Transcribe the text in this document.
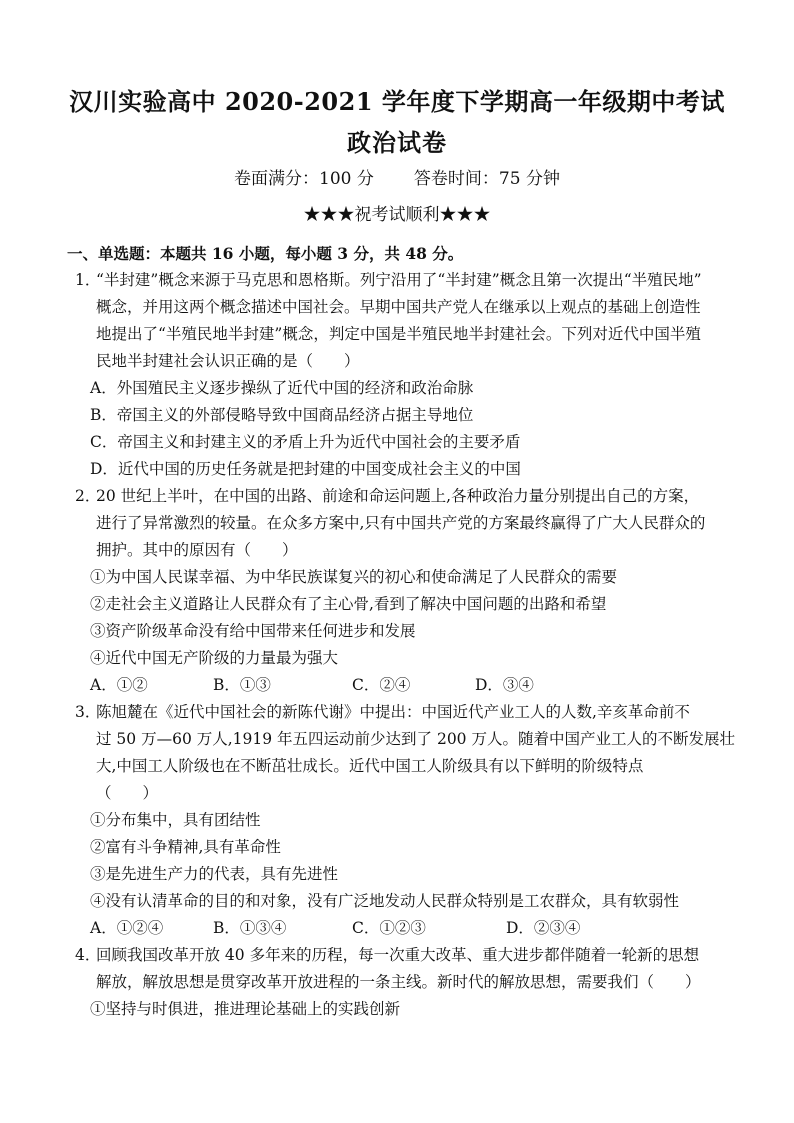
汉川实验高中 2020-2021 学年度下学期高一年级期中考试
政治试卷
卷面满分：100 分 答卷时间：75 分钟
★★★祝考试顺利★★★
一、单选题：本题共 16 小题，每小题 3 分，共 48 分。
1．“半封建”概念来源于马克思和恩格斯。列宁沿用了“半封建”概念且第一次提出“半殖民地”
概念，并用这两个概念描述中国社会。早期中国共产党人在继承以上观点的基础上创造性
地提出了“半殖民地半封建”概念，判定中国是半殖民地半封建社会。下列对近代中国半殖
民地半封建社会认识正确的是（　　）
A．外国殖民主义逐步操纵了近代中国的经济和政治命脉
B．帝国主义的外部侵略导致中国商品经济占据主导地位
C．帝国主义和封建主义的矛盾上升为近代中国社会的主要矛盾
D．近代中国的历史任务就是把封建的中国变成社会主义的中国
2．20 世纪上半叶，在中国的出路、前途和命运问题上,各种政治力量分别提出自己的方案，
进行了异常激烈的较量。在众多方案中,只有中国共产党的方案最终赢得了广大人民群众的
拥护。其中的原因有（　　）
①为中国人民谋幸福、为中华民族谋复兴的初心和使命满足了人民群众的需要
②走社会主义道路让人民群众有了主心骨,看到了解决中国问题的出路和希望
③资产阶级革命没有给中国带来任何进步和发展
④近代中国无产阶级的力量最为强大
A．①②	B．①③	C．②④	D．③④
3．陈旭麓在《近代中国社会的新陈代谢》中提出：中国近代产业工人的人数,辛亥革命前不
过 50 万—60 万人,1919 年五四运动前少达到了 200 万人。随着中国产业工人的不断发展壮
大,中国工人阶级也在不断茁壮成长。近代中国工人阶级具有以下鲜明的阶级特点
（　　）
①分布集中，具有团结性
②富有斗争精神,具有革命性
③是先进生产力的代表，具有先进性
④没有认清革命的目的和对象，没有广泛地发动人民群众特别是工农群众，具有软弱性
A．①②④	B．①③④	C．①②③	D．②③④
4．回顾我国改革开放 40 多年来的历程，每一次重大改革、重大进步都伴随着一轮新的思想
解放，解放思想是贯穿改革开放进程的一条主线。新时代的解放思想，需要我们（　　）
①坚持与时俱进，推进理论基础上的实践创新
